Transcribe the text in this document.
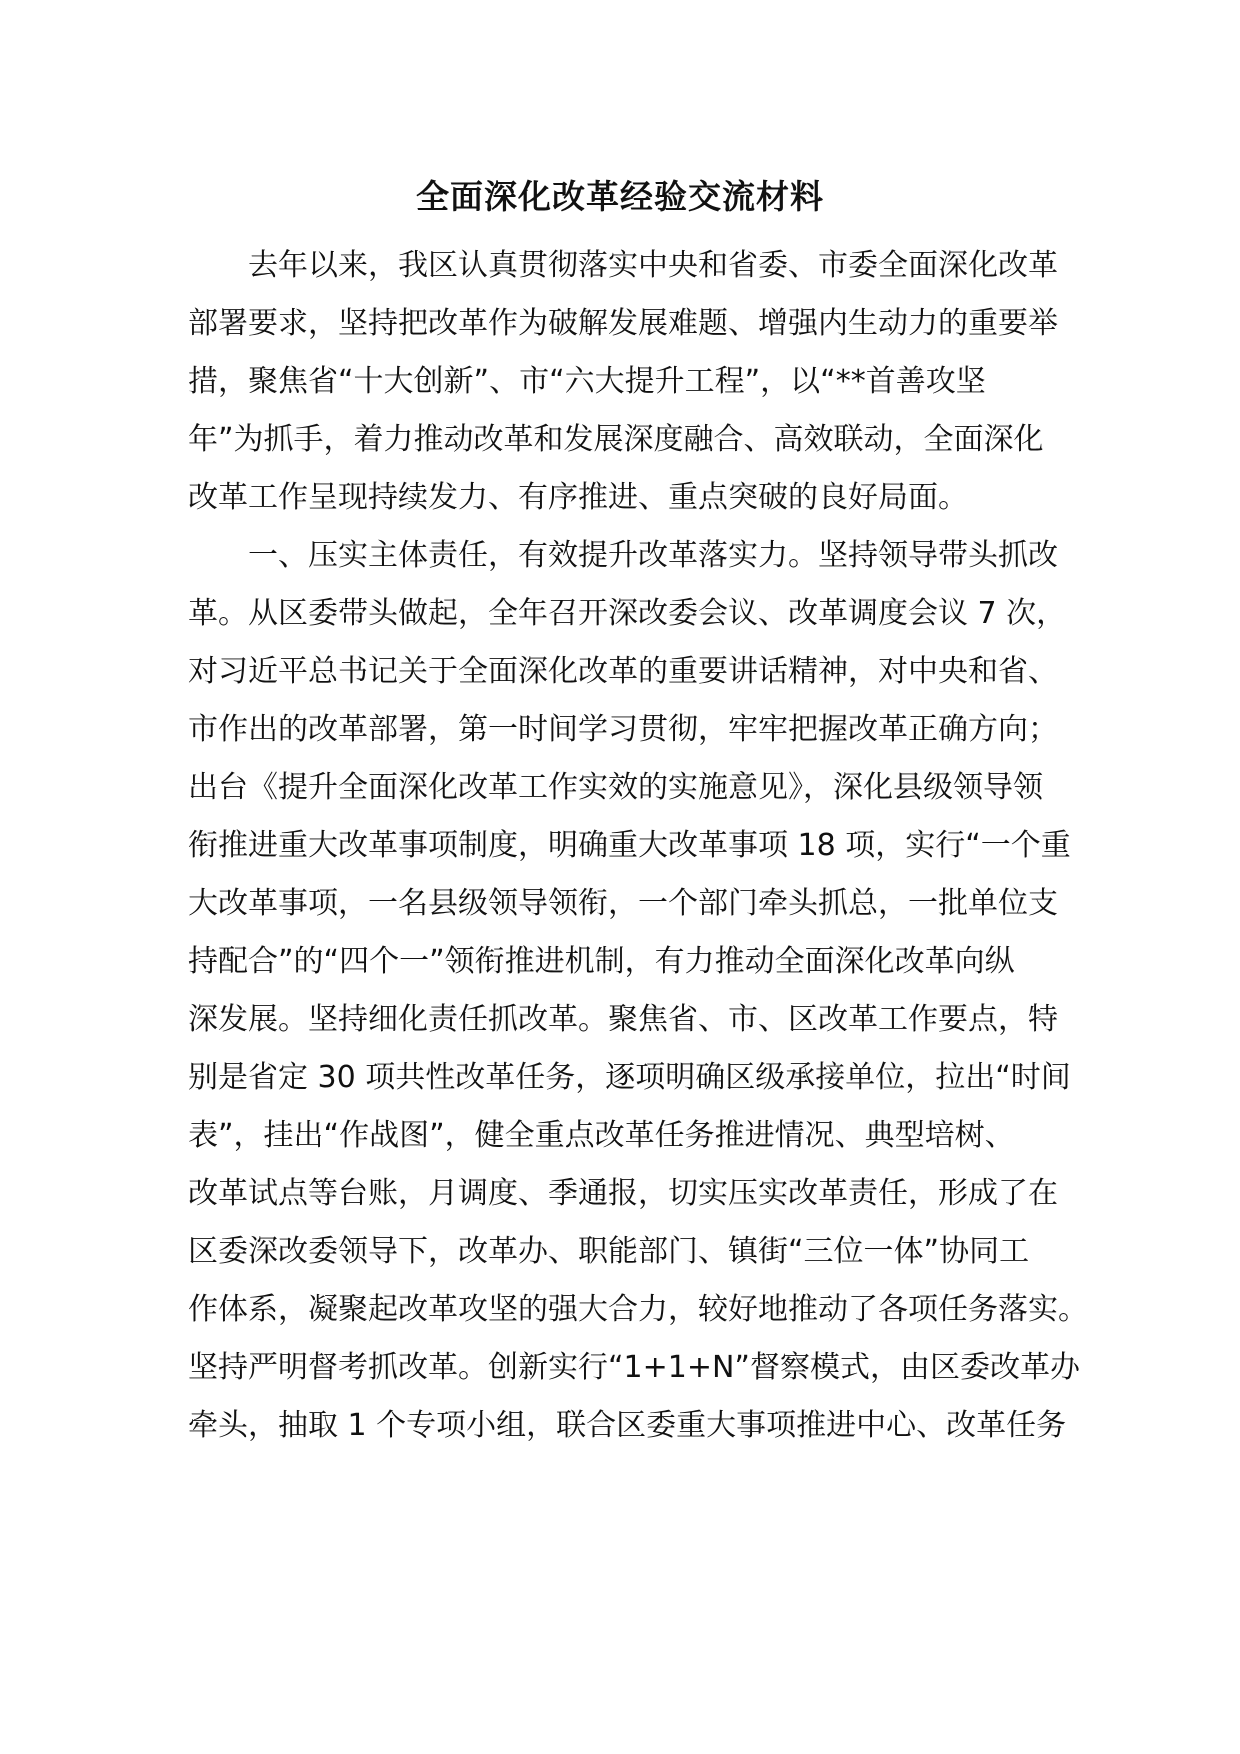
全面深化改革经验交流材料
去年以来，我区认真贯彻落实中央和省委、市委全面深化改革
部署要求，坚持把改革作为破解发展难题、增强内生动力的重要举
措，聚焦省“十大创新”、市“六大提升工程”，以“**首善攻坚
年”为抓手，着力推动改革和发展深度融合、高效联动，全面深化
改革工作呈现持续发力、有序推进、重点突破的良好局面。
一、压实主体责任，有效提升改革落实力。坚持领导带头抓改
革。从区委带头做起，全年召开深改委会议、改革调度会议 7 次，
对习近平总书记关于全面深化改革的重要讲话精神，对中央和省、
市作出的改革部署，第一时间学习贯彻，牢牢把握改革正确方向；
出台《提升全面深化改革工作实效的实施意见》，深化县级领导领
衔推进重大改革事项制度，明确重大改革事项 18 项，实行“一个重
大改革事项，一名县级领导领衔，一个部门牵头抓总，一批单位支
持配合”的“四个一”领衔推进机制，有力推动全面深化改革向纵
深发展。坚持细化责任抓改革。聚焦省、市、区改革工作要点，特
别是省定 30 项共性改革任务，逐项明确区级承接单位，拉出“时间
表”，挂出“作战图”，健全重点改革任务推进情况、典型培树、
改革试点等台账，月调度、季通报，切实压实改革责任，形成了在
区委深改委领导下，改革办、职能部门、镇街“三位一体”协同工
作体系，凝聚起改革攻坚的强大合力，较好地推动了各项任务落实。
坚持严明督考抓改革。创新实行“1+1+N”督察模式，由区委改革办
牵头，抽取 1 个专项小组，联合区委重大事项推进中心、改革任务
